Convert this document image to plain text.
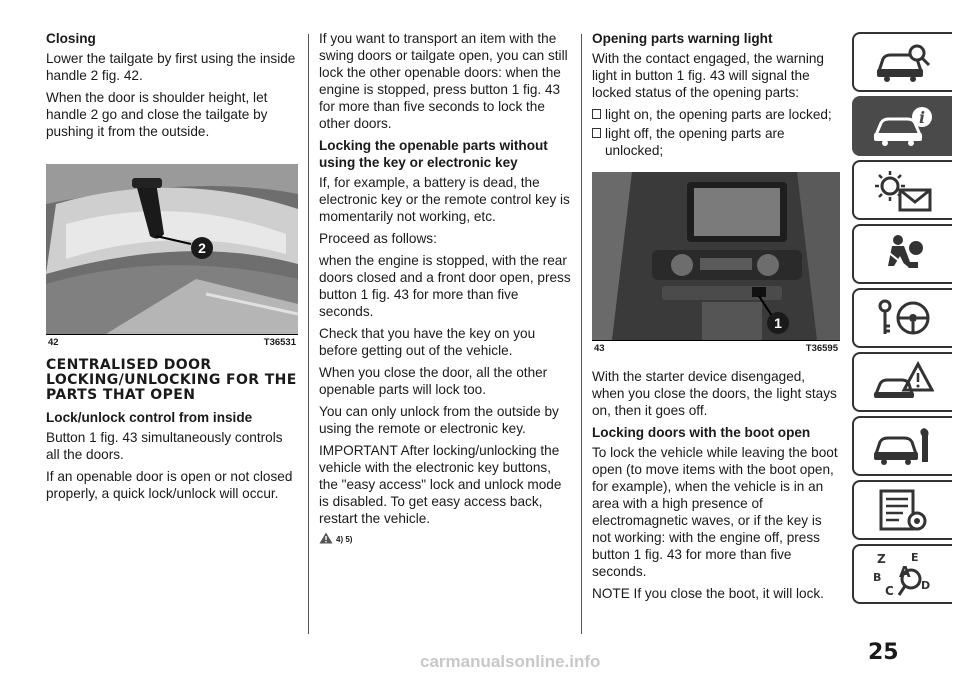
Closing

Lower the tailgate by first using the inside handle 2 fig. 42.

When the door is shoulder height, let handle 2 go and close the tailgate by pushing it from the outside.

2
42	T36531
CENTRALISED DOOR LOCKING/UNLOCKING FOR THE PARTS THAT OPEN
Lock/unlock control from inside

Button 1 fig. 43 simultaneously controls all the doors.

If an openable door is open or not closed properly, a quick lock/unlock will occur.

If you want to transport an item with the swing doors or tailgate open, you can still lock the other openable doors: when the engine is stopped, press button 1 fig. 43 for more than five seconds to lock the other doors.

Locking the openable parts without using the key or electronic key

If, for example, a battery is dead, the electronic key or the remote control key is momentarily not working, etc.

Proceed as follows:

when the engine is stopped, with the rear doors closed and a front door open, press button 1 fig. 43 for more than five seconds.

Check that you have the key on you before getting out of the vehicle.

When you close the door, all the other openable parts will lock too.

You can only unlock from the outside by using the remote or electronic key.

IMPORTANT After locking/unlocking the vehicle with the electronic key buttons, the "easy access" lock and unlock mode is disabled. To get easy access back, restart the vehicle.

4) 5)
Opening parts warning light

With the contact engaged, the warning light in button 1 fig. 43 will signal the locked status of the opening parts:

light on, the opening parts are locked;

light off, the opening parts are unlocked;

1
43	T36595

With the starter device disengaged, when you close the doors, the light stays on, then it goes off.

Locking doors with the boot open

To lock the vehicle while leaving the boot open (to move items with the boot open, for example), when the vehicle is in an area with a high presence of electromagnetic waves, or if the key is not working: with the engine off, press button 1 fig. 43 for more than five seconds.

NOTE If you close the boot, it will lock.

i
Z E
B A
C D
25
carmanualsonline.info
